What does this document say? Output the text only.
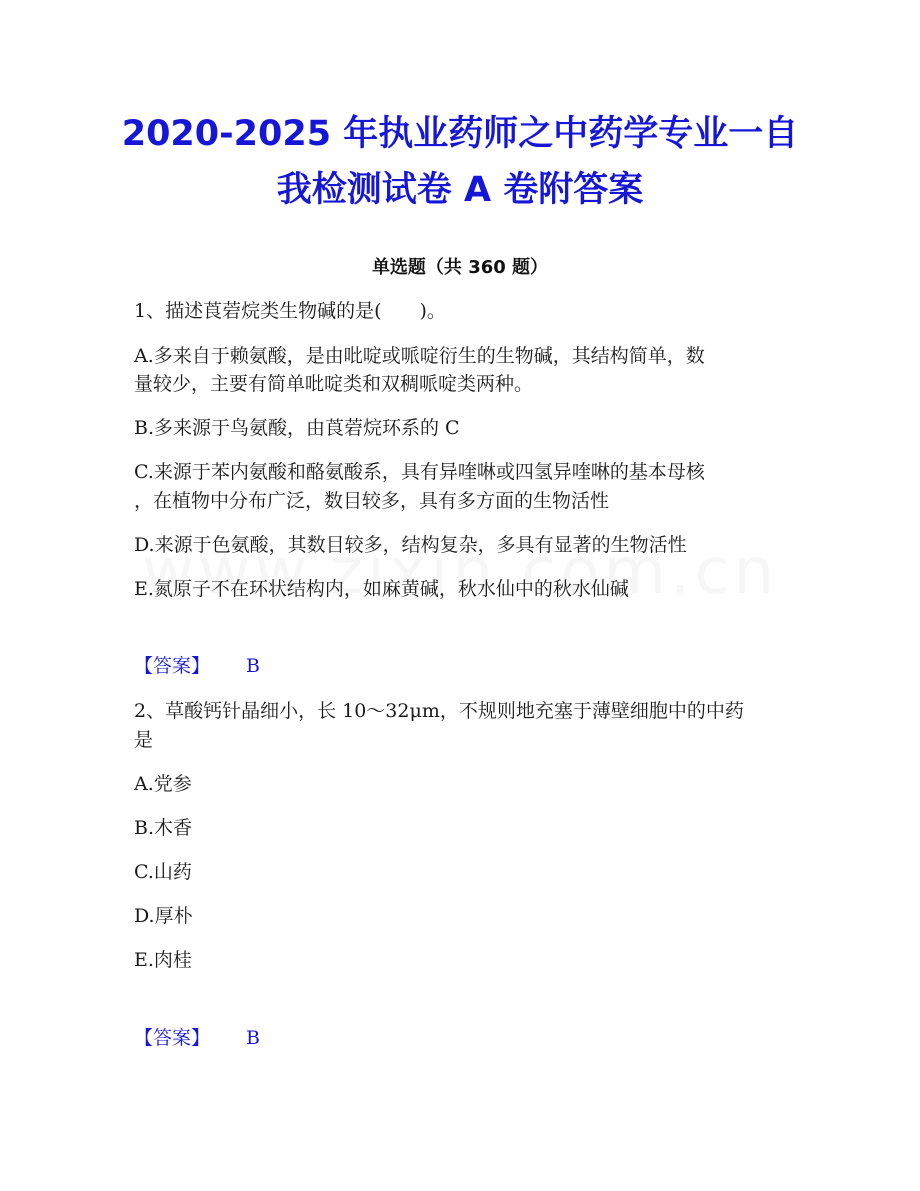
2020-2025 年执业药师之中药学专业一自
我检测试卷 A 卷附答案
单选题（共 360 题）
1、描述莨菪烷类生物碱的是(　　)。
A.多来自于赖氨酸，是由吡啶或哌啶衍生的生物碱，其结构简单，数
量较少，主要有简单吡啶类和双稠哌啶类两种。
B.多来源于鸟氨酸，由莨菪烷环系的 C
C.来源于苯内氨酸和酪氨酸系，具有异喹啉或四氢异喹啉的基本母核
，在植物中分布广泛，数目较多，具有多方面的生物活性
D.来源于色氨酸，其数目较多，结构复杂，多具有显著的生物活性
E.氮原子不在环状结构内，如麻黄碱，秋水仙中的秋水仙碱
【答案】 B
2、草酸钙针晶细小，长 10～32μm，不规则地充塞于薄壁细胞中的中药
是
A.党参
B.木香
C.山药
D.厚朴
E.肉桂
【答案】 B
